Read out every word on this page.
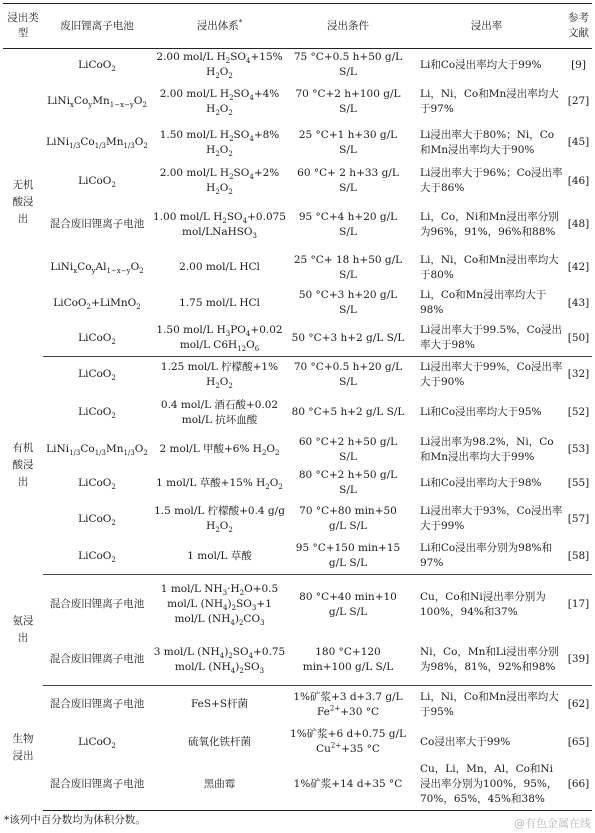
浸出类型	废旧锂离子电池	浸出体系*	浸出条件	浸出率	参考文献
无机
酸浸
出	LiCoO$_2$	2.00 mol/L $H_2SO_4+15\%$ $H_2O_2$	75 °C+0.5 h+50 g/L S/L	Li和Co浸出率均大于99%	[9]
	$LiNi_xCo_yMn_{1-x-y}O_2$	2.00 mol/L $H_2SO_4+4\%$ $H_2O_2$	70 °C+2 h+100 g/L S/L	Li，Ni，Co和Mn浸出率均大于97%	[27]
	$LiNi_{1/3}Co_{1/3}Mn_{1/3}O_2$	1.50 mol/L $H_2SO_4+8\%$ $H_2O_2$	25 °C+1 h+30 g/L S/L	Li浸出率大于80%；Ni，Co和Mn浸出率均大于90%	[45]
	LiCoO$_2$	2.00 mol/L $H_2SO_4+2\%$ $H_2O_2$	60 °C+ 2 h+33 g/L S/L	Li浸出率大于96%；Co浸出率大于86%	[46]
	混合废旧锂离子电池	1.00 mol/L $H_2SO_4+0.075$ mol/LNaHSO$_3$	95 °C+4 h+20 g/L S/L	Li，Co，Ni和Mn浸出率分别为96%，91%，96%和88%	[48]
	$LiNi_xCo_yAl_{1-x-y}O_2$	2.00 mol/L HCl	25 °C+ 18 h+50 g/L S/L	Li，Ni，Co和Mn浸出率均大于80%	[42]
	LiCoO$_2$+LiMnO$_2$	1.75 mol/L HCl	50 °C+3 h+20 g/L S/L	Li，Co和Mn浸出率均大于98%	[43]
	LiCoO$_2$	1.50 mol/L $H_3PO_4+0.02$ mol/L $C6H_{12}O_6$	50 °C+3 h+2 g/L S/L	Li浸出率大于99.5%，Co浸出率大于98%	[50]
有机
酸浸
出	LiCoO$_2$	1.25 mol/L 柠檬酸+1% $H_2O_2$	70 °C+0.5 h+20 g/L S/L	Li浸出率大于99%，Co浸出率大于90%	[32]
	LiCoO$_2$	0.4 mol/L 酒石酸+0.02 mol/L 抗坏血酸	80 °C+5 h+2 g/L S/L	Li和Co浸出率均大于95%	[52]
	$LiNi_{1/3}Co_{1/3}Mn_{1/3}O_2$	2 mol/L 甲酸+6% $H_2O_2$	60 °C+2 h+50 g/L S/L	Li浸出率为98.2%，Ni，Co和Mn浸出率均大于99%	[53]
	LiCoO$_2$	1 mol/L 草酸+15% $H_2O_2$	80 °C+2 h+50 g/L S/L	Li和Co浸出率均大于98%	[55]
	LiCoO$_2$	1.5 mol/L 柠檬酸+0.4 g/g $H_2O_2$	70 °C+80 min+50 g/L S/L	Li浸出率大于93%，Co浸出率大于99%	[57]
	LiCoO$_2$	1 mol/L 草酸	95 °C+150 min+15 g/L S/L	Li和Co浸出率分别为98%和97%	[58]
氨浸
出	混合废旧锂离子电池	1 mol/L $NH_3\cdot H_2O+0.5$ mol/L $(NH_4)_2SO_3+1$ mol/L $(NH_4)_2CO_3$	80 °C+40 min+10 g/L S/L	Cu，Co和Ni浸出率分别为100%，94%和37%	[17]
	混合废旧锂离子电池	3 mol/L $(NH_4)_2SO_4+0.75$ mol/L $(NH_4)_2SO_3$	180 °C+120 min+100 g/L S/L	Ni，Co，Mn和Li浸出率分别为98%，81%，92%和98%	[39]
生物
浸出	混合废旧锂离子电池	FeS+S杆菌	1%矿浆+3 d+3.7 g/L $Fe^{2+}+30$ °C	Li，Ni，Co和Mn浸出率均大于95%	[62]
	LiCoO$_2$	硫氧化铁杆菌	1%矿浆+6 d+0.75 g/L $Cu^{2+}+35$ °C	Co浸出率大于99%	[65]
	混合废旧锂离子电池	黑曲霉	1%矿浆+14 d+35 °C	Cu，Li，Mn，Al，Co和Ni浸出率分别为100%，95%，70%，65%，45%和38%	[66]
*该列中百分数均为体积分数。	@有色金属在线
